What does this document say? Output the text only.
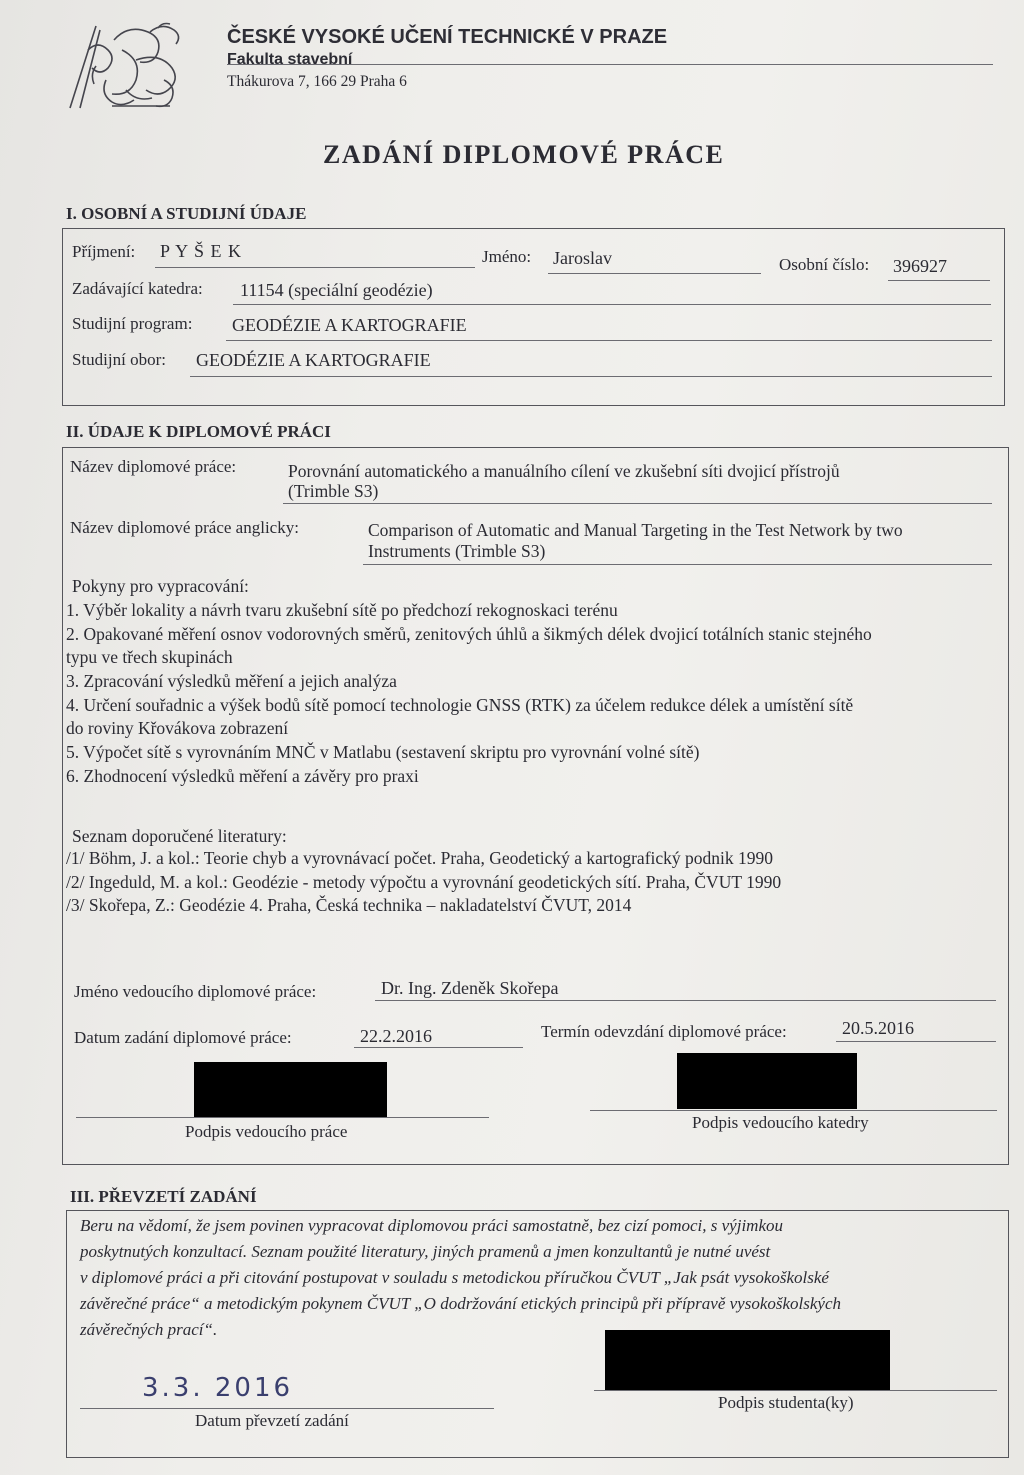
ČESKÉ VYSOKÉ UČENÍ TECHNICKÉ V PRAZE
Fakulta stavební
Thákurova 7, 166 29 Praha 6
ZADÁNÍ DIPLOMOVÉ PRÁCE
I. OSOBNÍ A STUDIJNÍ ÚDAJE
Příjmení: P Y Š E K	Jméno: Jaroslav	Osobní číslo: 396927
Zadávající katedra: 11154 (speciální geodézie)
Studijní program: GEODÉZIE A KARTOGRAFIE
Studijní obor: GEODÉZIE A KARTOGRAFIE
II. ÚDAJE K DIPLOMOVÉ PRÁCI
Název diplomové práce:	Porovnání automatického a manuálního cílení ve zkušební síti dvojicí přístrojů
(Trimble S3)
Název diplomové práce anglicky:	Comparison of Automatic and Manual Targeting in the Test Network by two
Instruments (Trimble S3)
Pokyny pro vypracování:
1. Výběr lokality a návrh tvaru zkušební sítě po předchozí rekognoskaci terénu
2. Opakované měření osnov vodorovných směrů, zenitových úhlů a šikmých délek dvojicí totálních stanic stejného
typu ve třech skupinách
3. Zpracování výsledků měření a jejich analýza
4. Určení souřadnic a výšek bodů sítě pomocí technologie GNSS (RTK) za účelem redukce délek a umístění sítě
do roviny Křovákova zobrazení
5. Výpočet sítě s vyrovnáním MNČ v Matlabu (sestavení skriptu pro vyrovnání volné sítě)
6. Zhodnocení výsledků měření a závěry pro praxi
Seznam doporučené literatury:
/1/ Böhm, J. a kol.: Teorie chyb a vyrovnávací počet. Praha, Geodetický a kartografický podnik 1990
/2/ Ingeduld, M. a kol.: Geodézie - metody výpočtu a vyrovnání geodetických sítí. Praha, ČVUT 1990
/3/ Skořepa, Z.: Geodézie 4. Praha, Česká technika – nakladatelství ČVUT, 2014
Jméno vedoucího diplomové práce:	Dr. Ing. Zdeněk Skořepa
Datum zadání diplomové práce:	22.2.2016	Termín odevzdání diplomové práce:	20.5.2016
Podpis vedoucího práce	Podpis vedoucího katedry
III. PŘEVZETÍ ZADÁNÍ
Beru na vědomí, že jsem povinen vypracovat diplomovou práci samostatně, bez cizí pomoci, s výjimkou
poskytnutých konzultací. Seznam použité literatury, jiných pramenů a jmen konzultantů je nutné uvést
v diplomové práci a při citování postupovat v souladu s metodickou příručkou ČVUT „Jak psát vysokoškolské
závěrečné práce“ a metodickým pokynem ČVUT „O dodržování etických principů při přípravě vysokoškolských
závěrečných prací“.
3.3. 2016
Datum převzetí zadání
Podpis studenta(ky)
